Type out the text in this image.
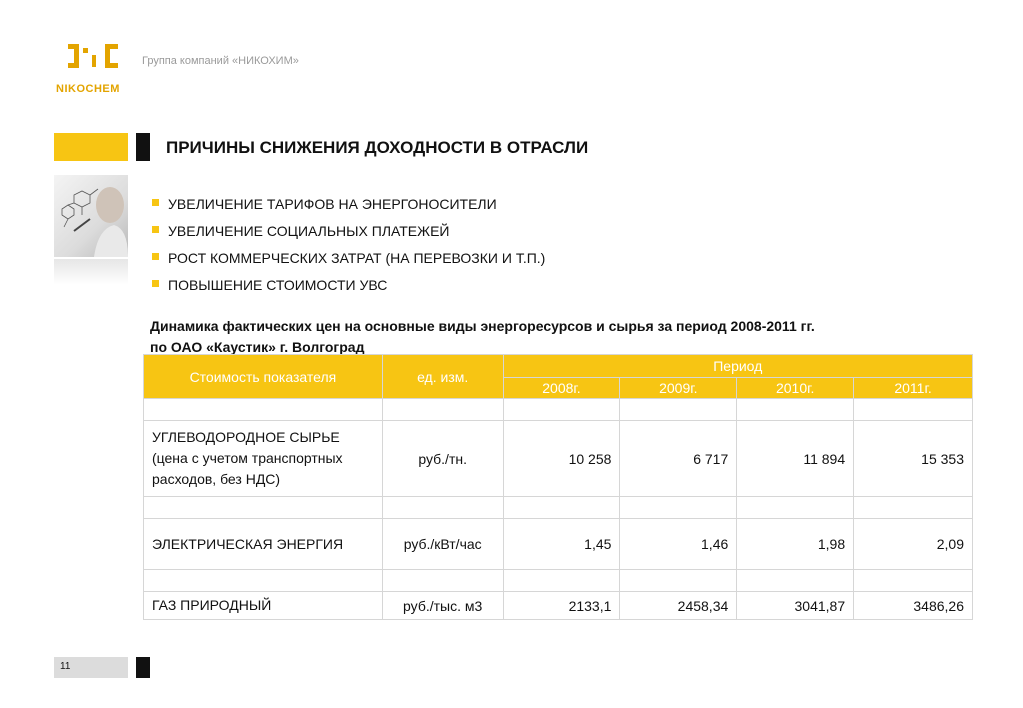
NIKOCHEM
Группа компаний «НИКОХИМ»
ПРИЧИНЫ СНИЖЕНИЯ ДОХОДНОСТИ В ОТРАСЛИ
УВЕЛИЧЕНИЕ ТАРИФОВ НА ЭНЕРГОНОСИТЕЛИ
УВЕЛИЧЕНИЕ СОЦИАЛЬНЫХ ПЛАТЕЖЕЙ
РОСТ КОММЕРЧЕСКИХ ЗАТРАТ (НА ПЕРЕВОЗКИ И Т.П.)
ПОВЫШЕНИЕ СТОИМОСТИ УВС
Динамика фактических цен на основные виды энергоресурсов и сырья за период 2008-2011 гг.
по ОАО «Каустик» г. Волгоград
Стоимость показателя	ед. изм.	Период			
		2008г.	2009г.	2010г.	2011г.

УГЛЕВОДОРОДНОЕ СЫРЬЕ
(цена с учетом транспортных
расходов, без НДС)	руб./тн.	10 258	6 717	11 894	15 353

ЭЛЕКТРИЧЕСКАЯ ЭНЕРГИЯ	руб./кВт/час	1,45	1,46	1,98	2,09

ГАЗ ПРИРОДНЫЙ	руб./тыс. м3	2133,1	2458,34	3041,87	3486,26
11
